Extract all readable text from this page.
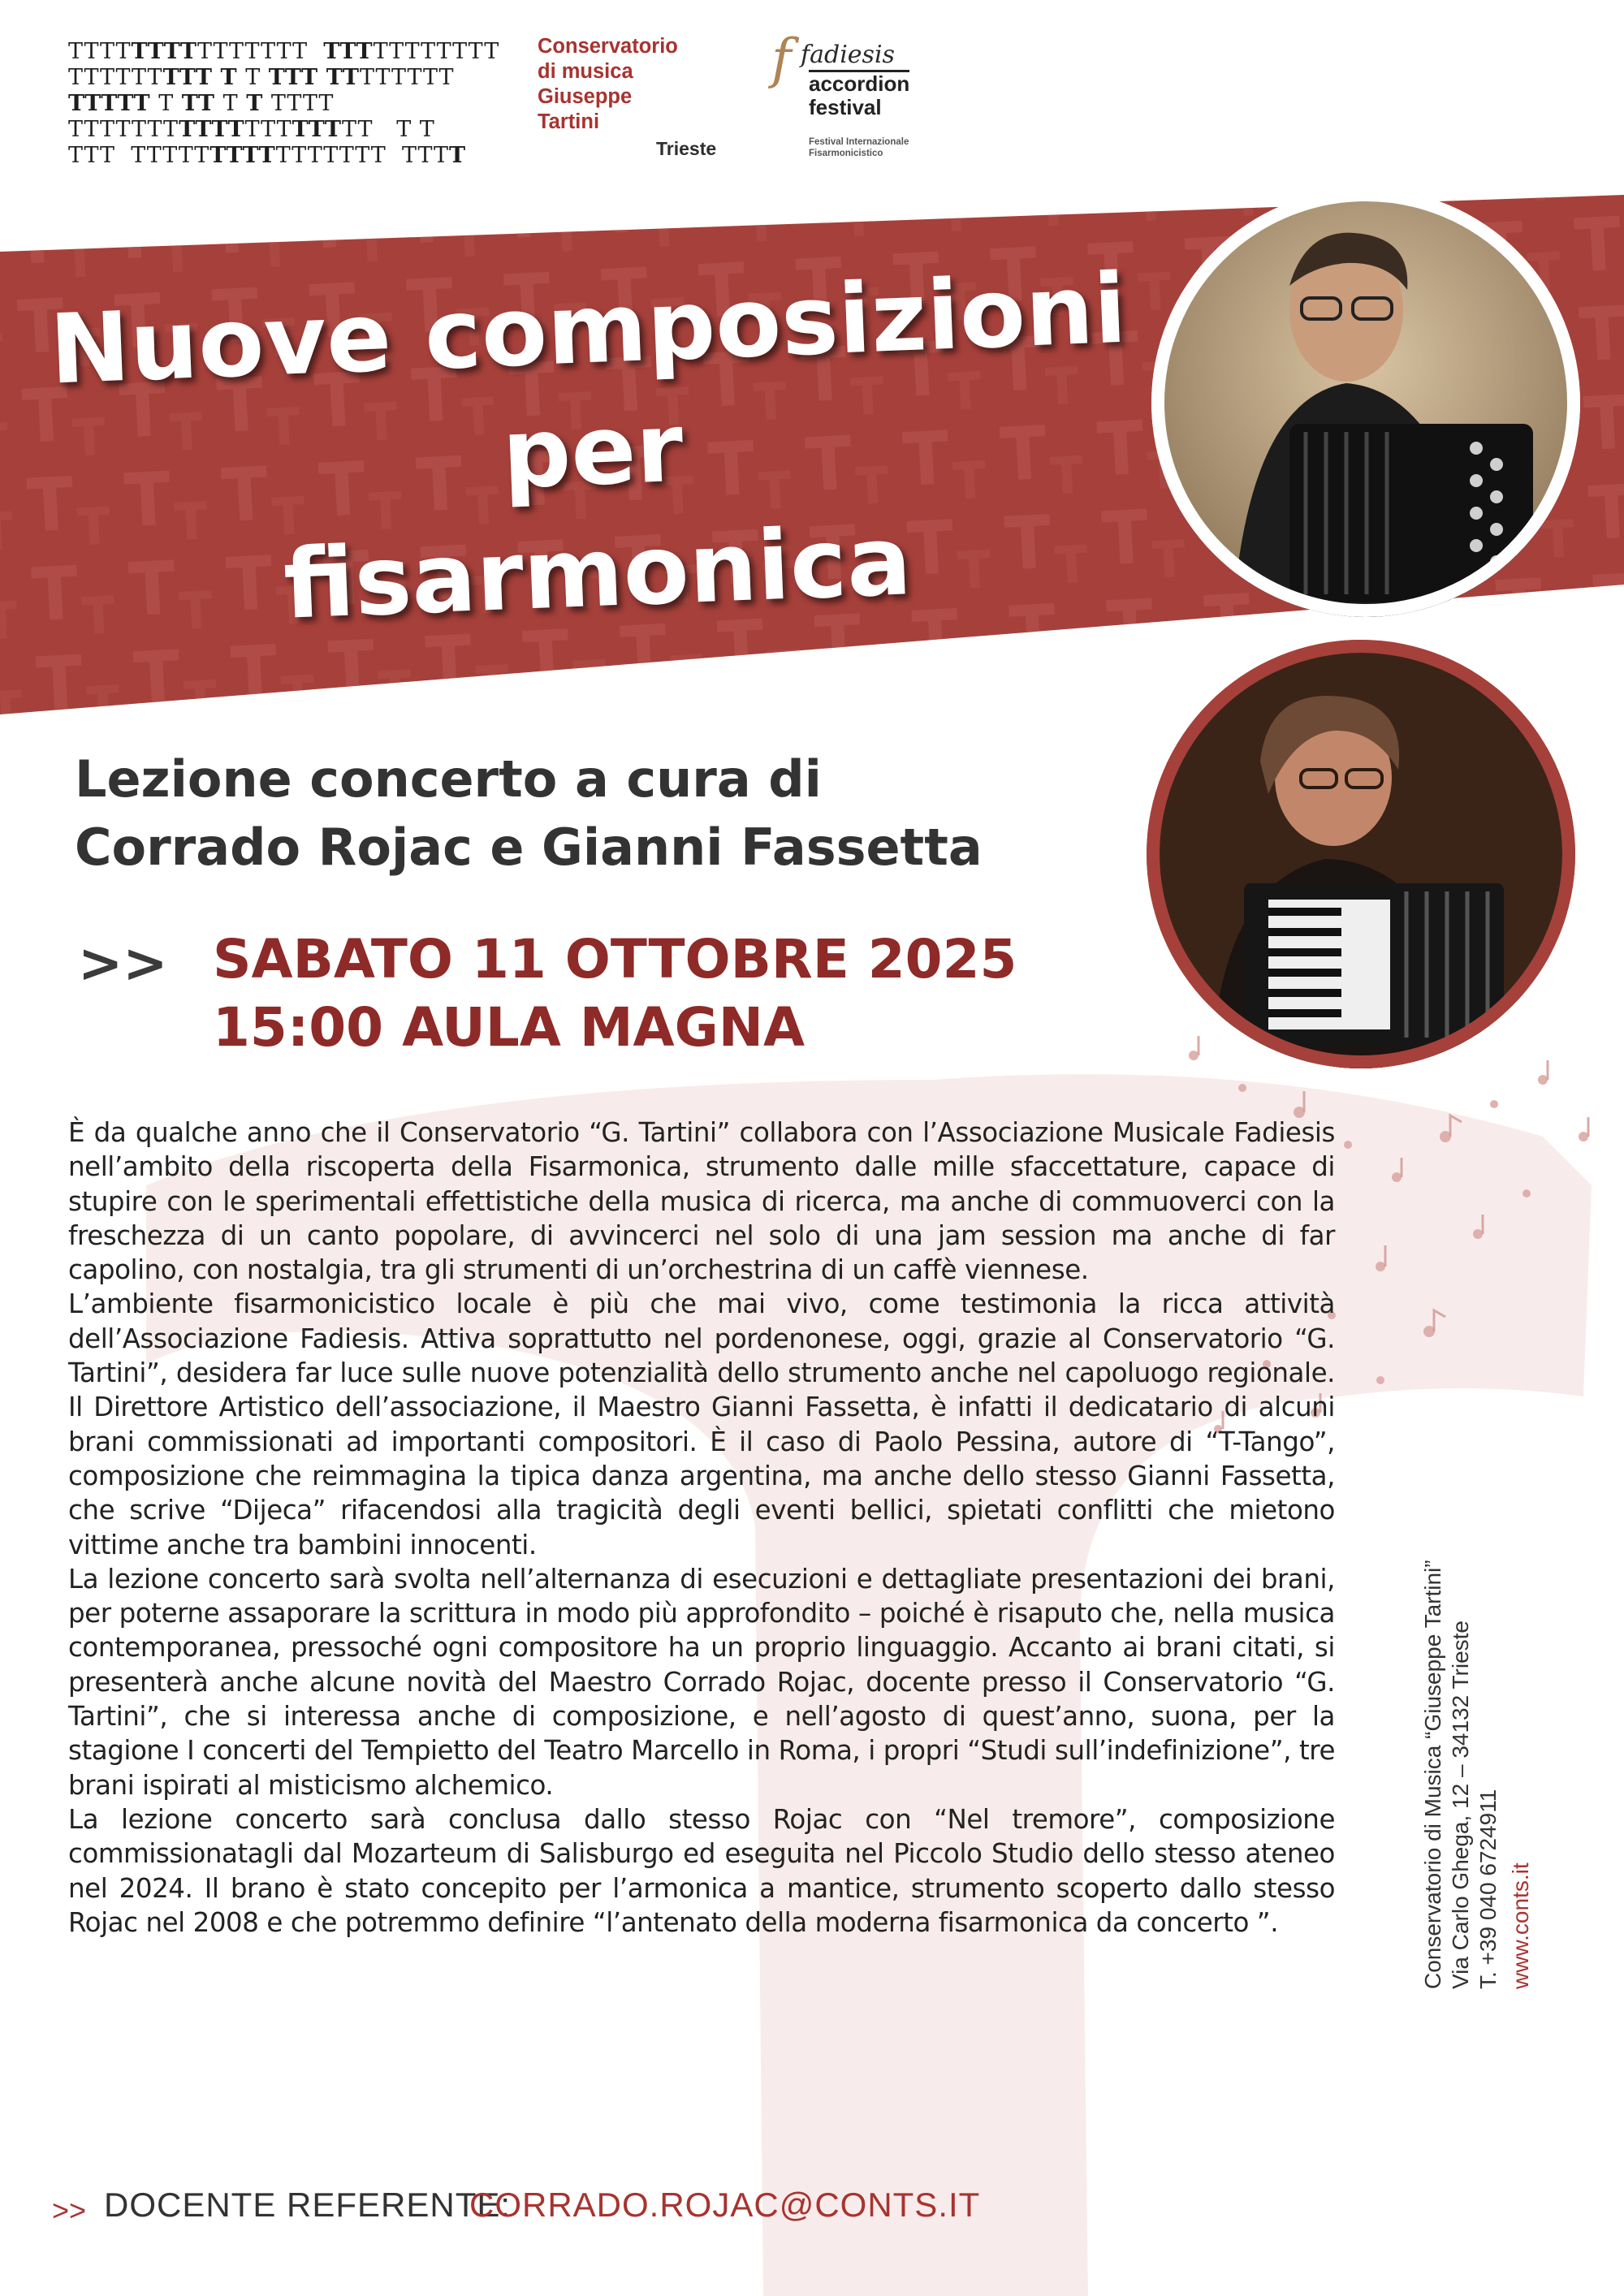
TTTTTTTTTTTTTTT  TTTTTTTTTTT
TTTTTTTTT T T TTT TTTTTTTT
TTTTT T TT T T TTTT
TTTTTTTTTTTTTTTTTTT   T T
TTT  TTTTTTTTTTTTTTTT  TTTT
Conservatorio
di musica
Giuseppe
Tartini
Trieste
f fadiesis
accordion
festival
Festival Internazionale Fisarmonicistico
Nuove composizioni
per
fisarmonica
Lezione concerto a cura di
Corrado Rojac e Gianni Fassetta
>> SABATO 11 OTTOBRE 2025
15:00 AULA MAGNA

È da qualche anno che il Conservatorio “G. Tartini” collabora con l’Associazione Musicale Fadiesis nell’ambito della riscoperta della Fisarmonica, strumento dalle mille sfaccettature, capace di stupire con le sperimentali effettistiche della musica di ricerca, ma anche di commuoverci con la freschezza di un canto popolare, di avvincerci nel solo di una jam session ma anche di far capolino, con nostalgia, tra gli strumenti di un’orchestrina di un caffè viennese.

L’ambiente fisarmonicistico locale è più che mai vivo, come testimonia la ricca attività dell’Associazione Fadiesis. Attiva soprattutto nel pordenonese, oggi, grazie al Conservatorio “G. Tartini”, desidera far luce sulle nuove potenzialità dello strumento anche nel capoluogo regionale. Il Direttore Artistico dell’associazione, il Maestro Gianni Fassetta, è infatti il dedicatario di alcuni brani commissionati ad importanti compositori. È il caso di Paolo Pessina, autore di “T-Tango”, composizione che reimmagina la tipica danza argentina, ma anche dello stesso Gianni Fassetta, che scrive “Dijeca” rifacendosi alla tragicità degli eventi bellici, spietati conflitti che mietono vittime anche tra bambini innocenti.

La lezione concerto sarà svolta nell’alternanza di esecuzioni e dettagliate presentazioni dei brani, per poterne assaporare la scrittura in modo più approfondito – poiché è risaputo che, nella musica contemporanea, pressoché ogni compositore ha un proprio linguaggio. Accanto ai brani citati, si presenterà anche alcune novità del Maestro Corrado Rojac, docente presso il Conservatorio “G. Tartini”, che si interessa anche di composizione, e nell’agosto di quest’anno, suona, per la stagione I concerti del Tempietto del Teatro Marcello in Roma, i propri “Studi sull’indefinizione”, tre brani ispirati al misticismo alchemico.

La lezione concerto sarà conclusa dallo stesso Rojac con “Nel tremore”, composizione commissionatagli dal Mozarteum di Salisburgo ed eseguita nel Piccolo Studio dello stesso ateneo nel 2024. Il brano è stato concepito per l’armonica a mantice, strumento scoperto dallo stesso Rojac nel 2008 e che potremmo definire “l’antenato della moderna fisarmonica da concerto ”.	Conservatorio di Musica “Giuseppe Tartini” Via Carlo Ghega, 12 – 34132 Trieste T. +39 040 6724911 www.conts.it
>> DOCENTE REFERENTE:
CORRADO.ROJAC@CONTS.IT
